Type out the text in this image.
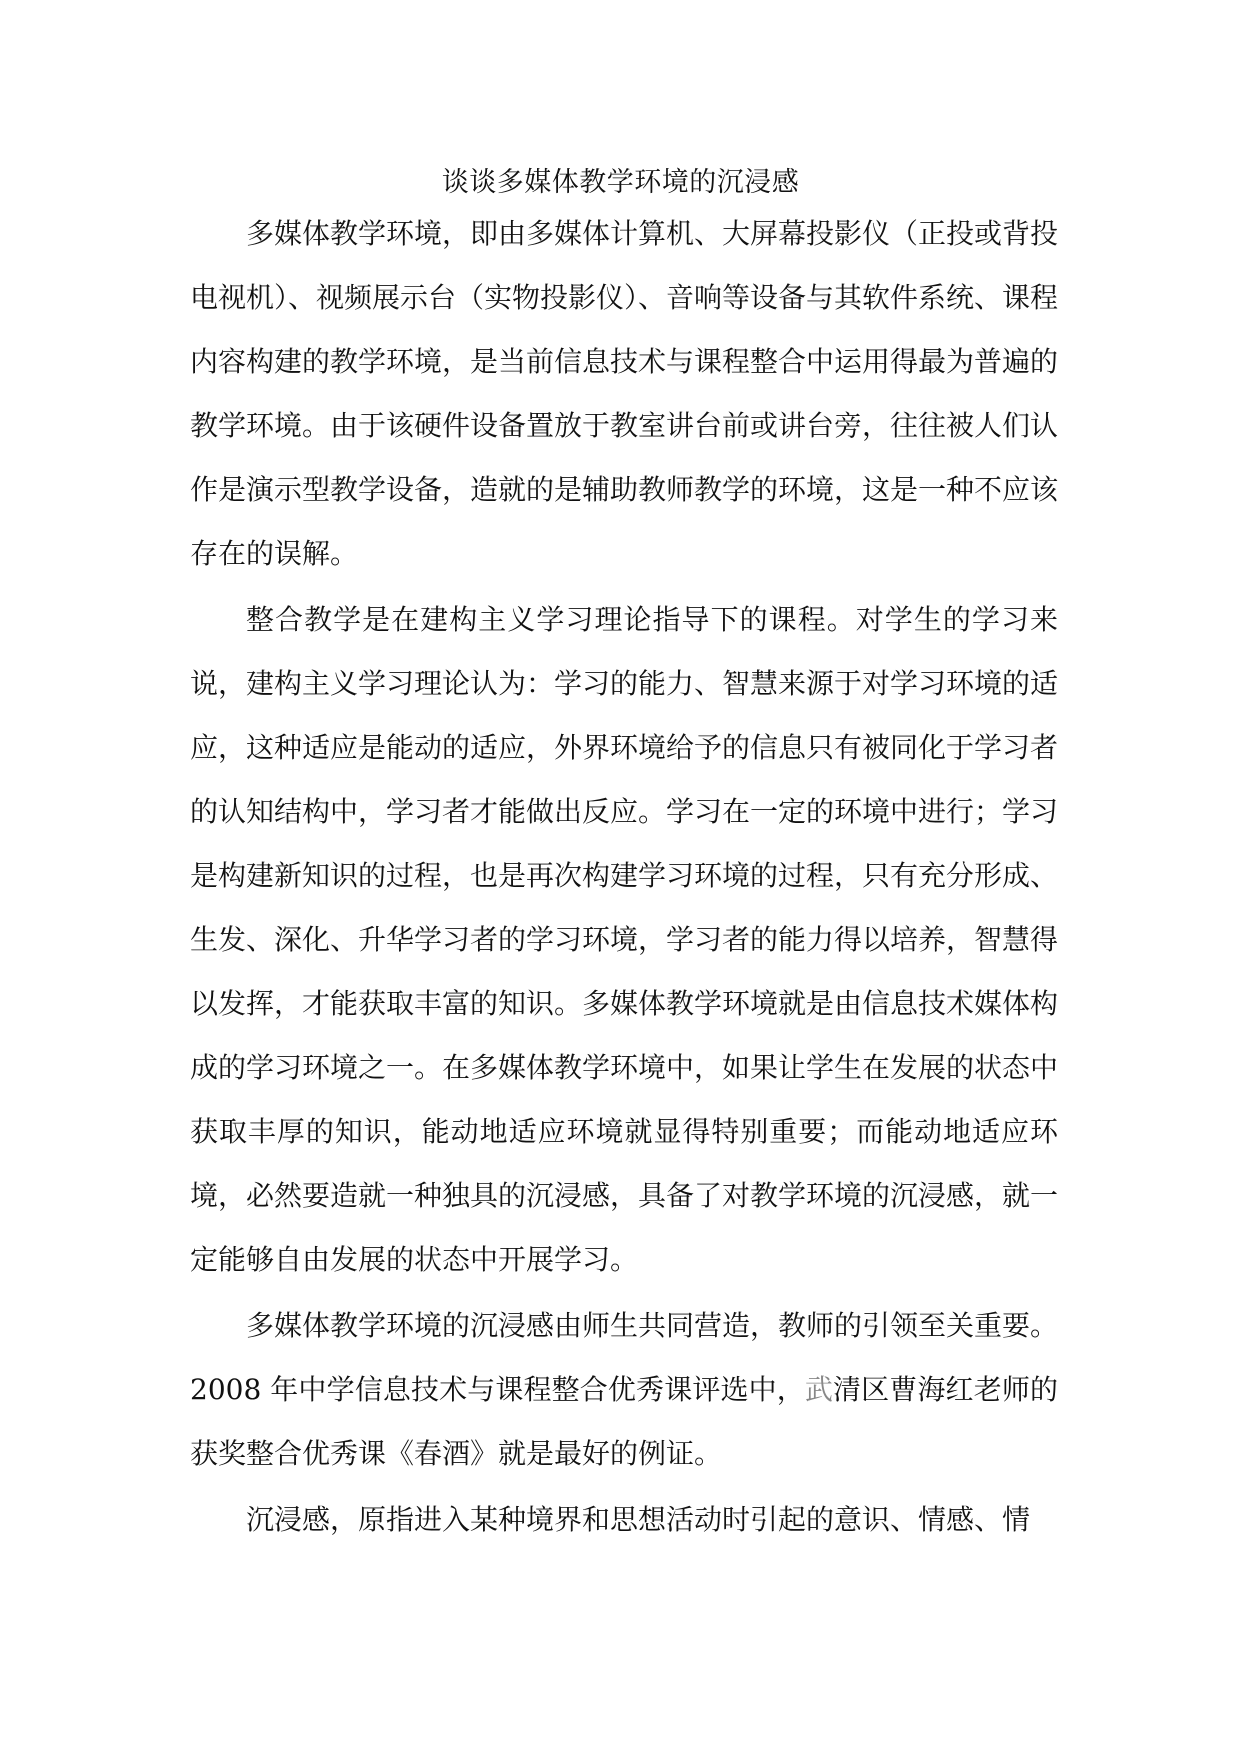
谈谈多媒体教学环境的沉浸感

多媒体教学环境，即由多媒体计算机、大屏幕投影仪（正投或背投电视机）、视频展示台（实物投影仪）、音响等设备与其软件系统、课程内容构建的教学环境，是当前信息技术与课程整合中运用得最为普遍的教学环境。由于该硬件设备置放于教室讲台前或讲台旁，往往被人们认作是演示型教学设备，造就的是辅助教师教学的环境，这是一种不应该存在的误解。

整合教学是在建构主义学习理论指导下的课程。对学生的学习来说，建构主义学习理论认为：学习的能力、智慧来源于对学习环境的适应，这种适应是能动的适应，外界环境给予的信息只有被同化于学习者的认知结构中，学习者才能做出反应。学习在一定的环境中进行；学习是构建新知识的过程，也是再次构建学习环境的过程，只有充分形成、生发、深化、升华学习者的学习环境，学习者的能力得以培养，智慧得以发挥，才能获取丰富的知识。多媒体教学环境就是由信息技术媒体构成的学习环境之一。在多媒体教学环境中，如果让学生在发展的状态中获取丰厚的知识，能动地适应环境就显得特别重要；而能动地适应环境，必然要造就一种独具的沉浸感，具备了对教学环境的沉浸感，就一定能够自由发展的状态中开展学习。

多媒体教学环境的沉浸感由师生共同营造，教师的引领至关重要。2008 年中学信息技术与课程整合优秀课评选中，武清区曹海红老师的获奖整合优秀课《春酒》就是最好的例证。

沉浸感，原指进入某种境界和思想活动时引起的意识、情感、情
